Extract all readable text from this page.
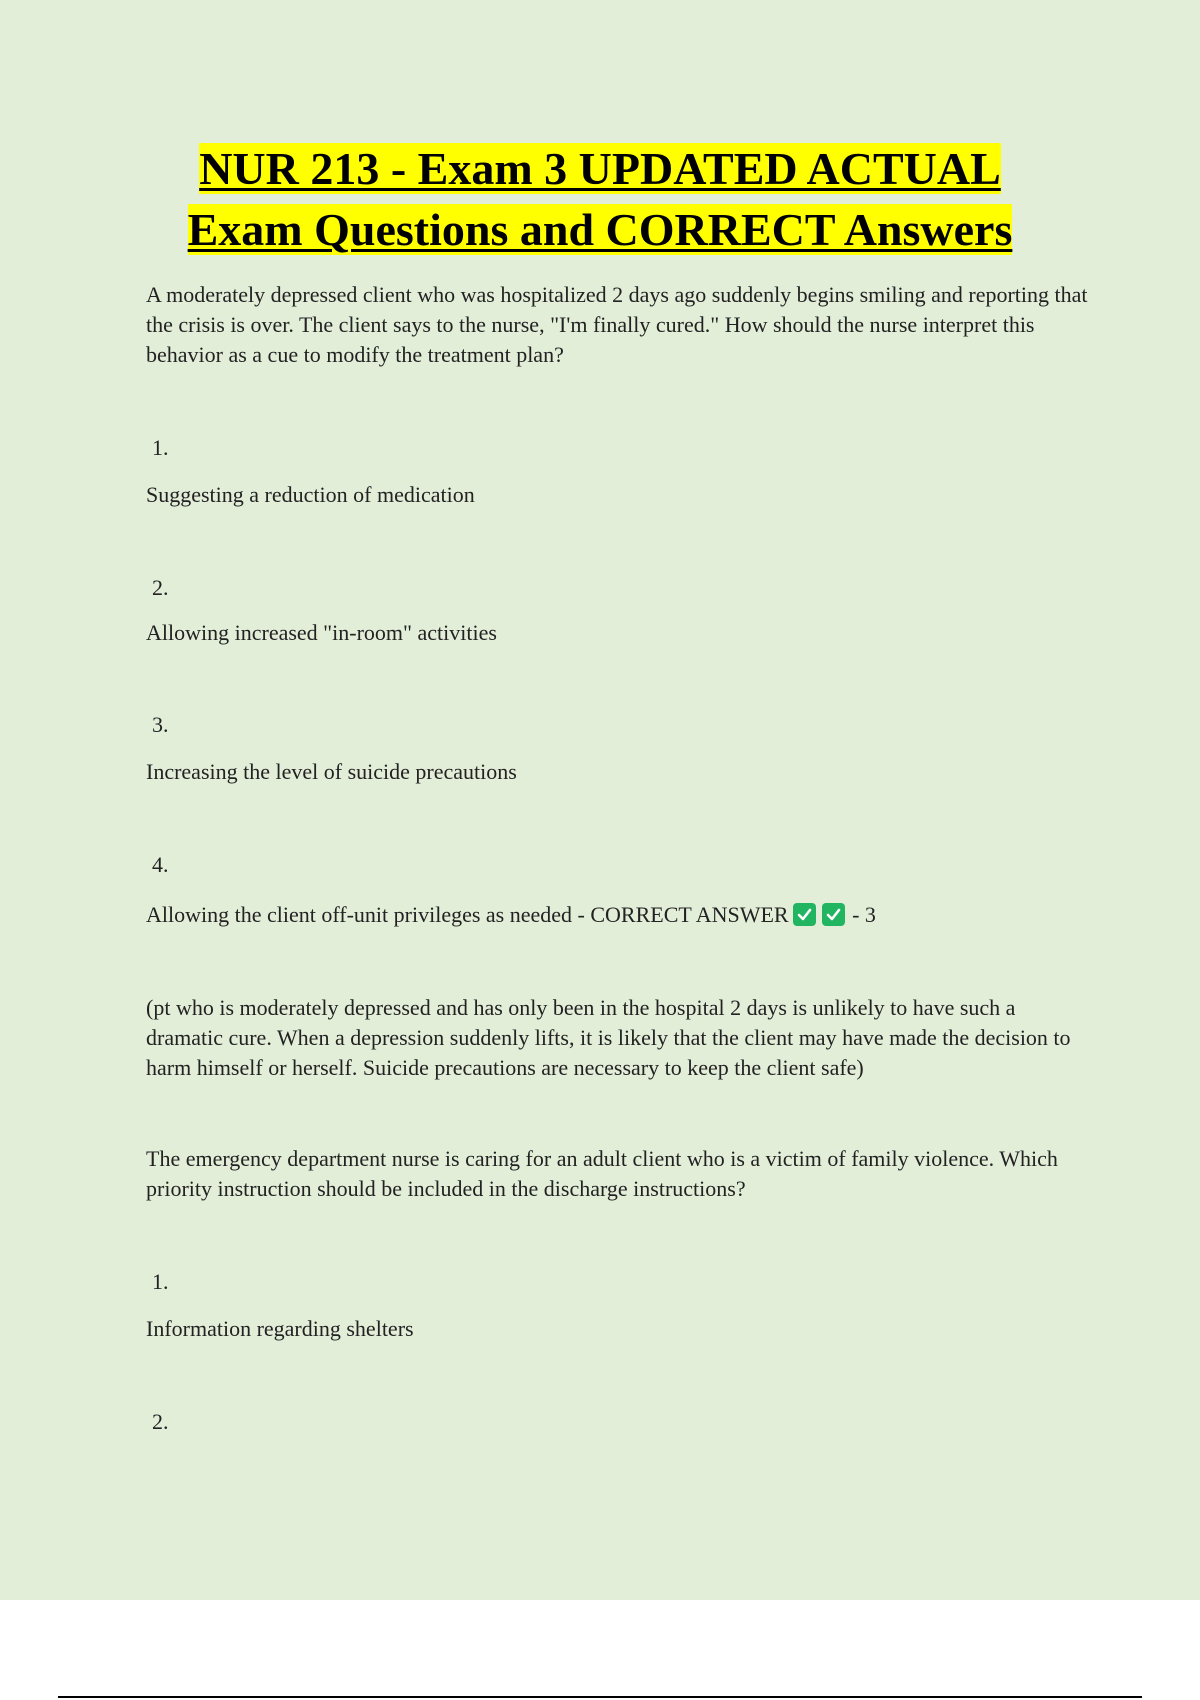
NUR 213 - Exam 3 UPDATED ACTUAL
Exam Questions and CORRECT Answers

A moderately depressed client who was hospitalized 2 days ago suddenly begins smiling and reporting that the crisis is over. The client says to the nurse, "I'm finally cured." How should the nurse interpret this behavior as a cue to modify the treatment plan?

1.

Suggesting a reduction of medication

2.

Allowing increased "in-room" activities

3.

Increasing the level of suicide precautions

4.

Allowing the client off-unit privileges as needed - CORRECT ANSWER	- 3

(pt who is moderately depressed and has only been in the hospital 2 days is unlikely to have such a dramatic cure. When a depression suddenly lifts, it is likely that the client may have made the decision to harm himself or herself. Suicide precautions are necessary to keep the client safe)

The emergency department nurse is caring for an adult client who is a victim of family violence. Which priority instruction should be included in the discharge instructions?

1.

Information regarding shelters

2.
